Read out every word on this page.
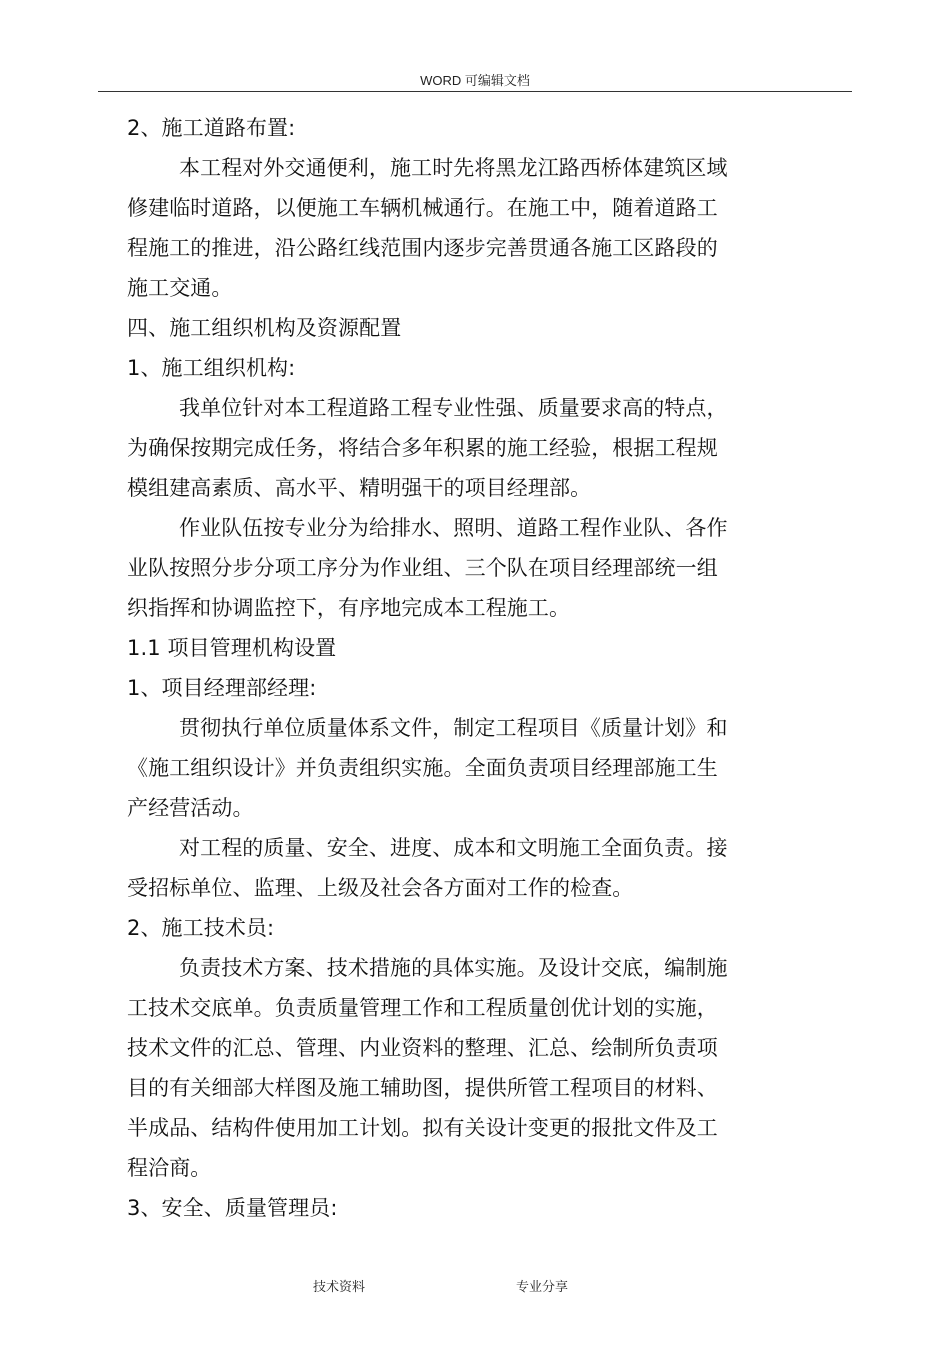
WORD 可编辑文档
2、施工道路布置:
本工程对外交通便利，施工时先将黑龙江路西桥体建筑区域
修建临时道路，以便施工车辆机械通行。在施工中，随着道路工
程施工的推进，沿公路红线范围内逐步完善贯通各施工区路段的
施工交通。
四、施工组织机构及资源配置
1、施工组织机构:
我单位针对本工程道路工程专业性强、质量要求高的特点，
为确保按期完成任务，将结合多年积累的施工经验，根据工程规
模组建高素质、高水平、精明强干的项目经理部。
作业队伍按专业分为给排水、照明、道路工程作业队、各作
业队按照分步分项工序分为作业组、三个队在项目经理部统一组
织指挥和协调监控下，有序地完成本工程施工。
1.1 项目管理机构设置
1、项目经理部经理:
贯彻执行单位质量体系文件，制定工程项目《质量计划》和
《施工组织设计》并负责组织实施。全面负责项目经理部施工生
产经营活动。
对工程的质量、安全、进度、成本和文明施工全面负责。接
受招标单位、监理、上级及社会各方面对工作的检查。
2、施工技术员:
负责技术方案、技术措施的具体实施。及设计交底，编制施
工技术交底单。负责质量管理工作和工程质量创优计划的实施，
技术文件的汇总、管理、内业资料的整理、汇总、绘制所负责项
目的有关细部大样图及施工辅助图，提供所管工程项目的材料、
半成品、结构件使用加工计划。拟有关设计变更的报批文件及工
程洽商。
3、安全、质量管理员:
技术资料	专业分享
